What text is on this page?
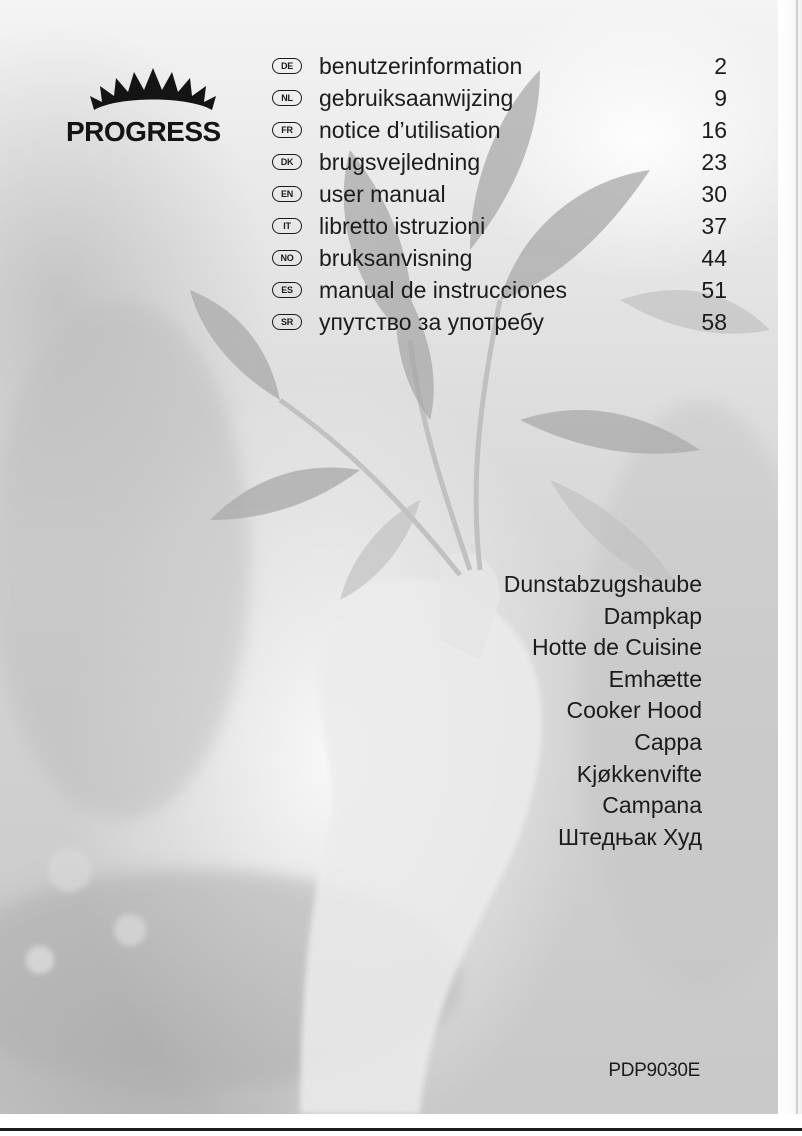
PROGRESS
DE	benutzerinformation	2
NL	gebruiksaanwijzing	9
FR	notice d’utilisation	16
DK	brugsvejledning	23
EN	user manual	30
IT	libretto istruzioni	37
NO	bruksanvisning	44
ES	manual de instrucciones	51
SR	упутство за употребу	58
Dunstabzugshaube
Dampkap
Hotte de Cuisine
Emhætte
Cooker Hood
Cappa
Kjøkkenvifte
Campana
Штедњак Худ
PDP9030E
